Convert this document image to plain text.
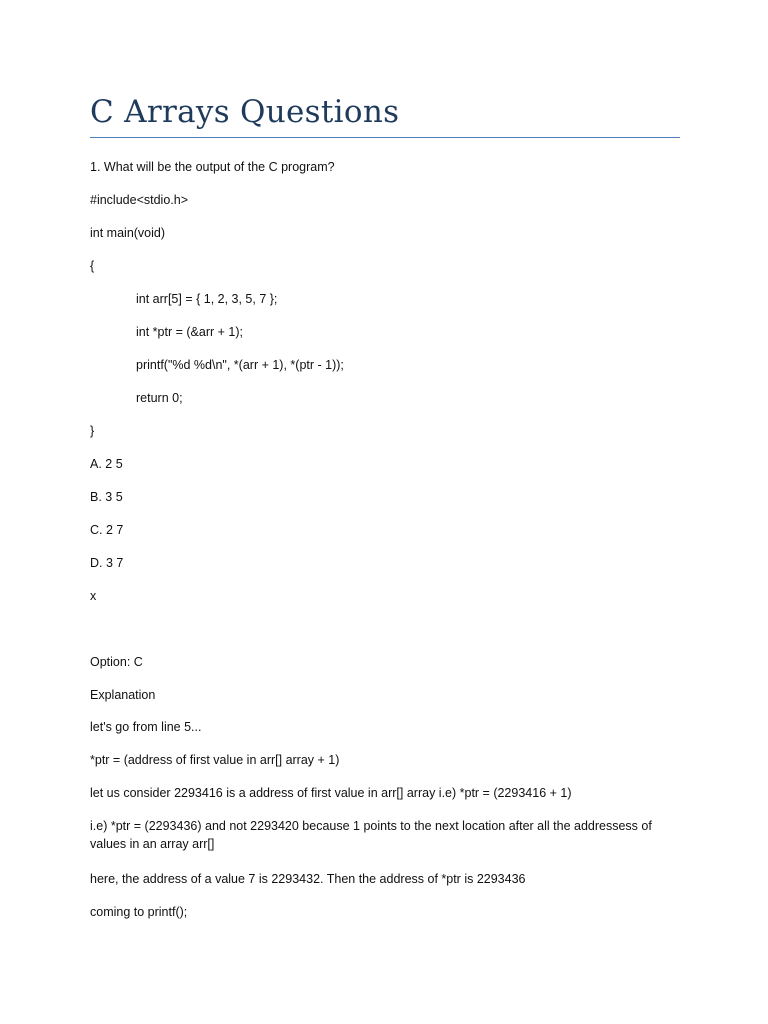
C Arrays Questions

1. What will be the output of the C program?

#include<stdio.h>

int main(void)

{

int arr[5] = { 1, 2, 3, 5, 7 };

int *ptr = (&arr + 1);

printf("%d %d\n", *(arr + 1), *(ptr - 1));

return 0;

}

A. 2 5

B. 3 5

C. 2 7

D. 3 7

x

Option: C

Explanation

let's go from line 5...

*ptr = (address of first value in arr[] array + 1)

let us consider 2293416 is a address of first value in arr[] array i.e) *ptr = (2293416 + 1)

i.e) *ptr = (2293436) and not 2293420 because 1 points to the next location after all the addressess of values in an array arr[]

here, the address of a value 7 is 2293432. Then the address of *ptr is 2293436

coming to printf();
